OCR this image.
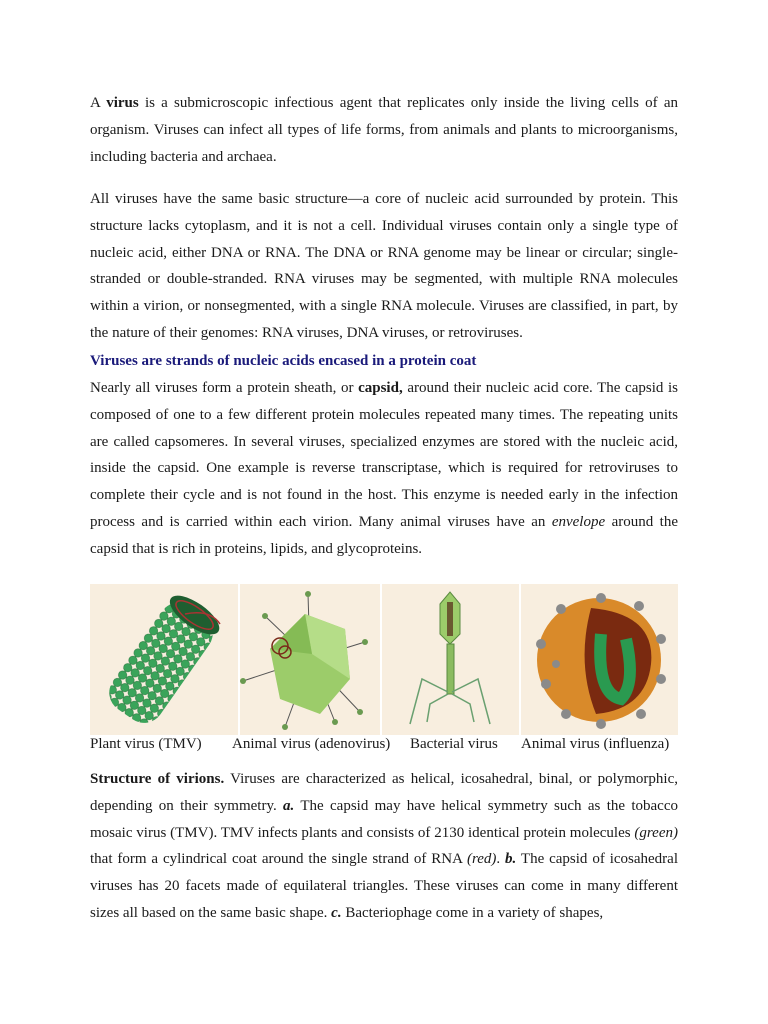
A virus is a submicroscopic infectious agent that replicates only inside the living cells of an organism. Viruses can infect all types of life forms, from animals and plants to microorganisms, including bacteria and archaea.

All viruses have the same basic structure—a core of nucleic acid surrounded by protein. This structure lacks cytoplasm, and it is not a cell. Individual viruses contain only a single type of nucleic acid, either DNA or RNA. The DNA or RNA genome may be linear or circular; single-stranded or double-stranded. RNA viruses may be segmented, with multiple RNA molecules within a virion, or nonsegmented, with a single RNA molecule. Viruses are classified, in part, by the nature of their genomes: RNA viruses, DNA viruses, or retroviruses.

Viruses are strands of nucleic acids encased in a protein coat

Nearly all viruses form a protein sheath, or capsid, around their nucleic acid core. The capsid is composed of one to a few different protein molecules repeated many times. The repeating units are called capsomeres. In several viruses, specialized enzymes are stored with the nucleic acid, inside the capsid. One example is reverse transcriptase, which is required for retroviruses to complete their cycle and is not found in the host. This enzyme is needed early in the infection process and is carried within each virion. Many animal viruses have an envelope around the capsid that is rich in proteins, lipids, and glycoproteins.

Plant virus (TMV) Animal virus (adenovirus) Bacterial virus Animal virus (influenza)

Structure of virions. Viruses are characterized as helical, icosahedral, binal, or polymorphic, depending on their symmetry. a. The capsid may have helical symmetry such as the tobacco mosaic virus (TMV). TMV infects plants and consists of 2130 identical protein molecules (green) that form a cylindrical coat around the single strand of RNA (red). b. The capsid of icosahedral viruses has 20 facets made of equilateral triangles. These viruses can come in many different sizes all based on the same basic shape. c. Bacteriophage come in a variety of shapes,
